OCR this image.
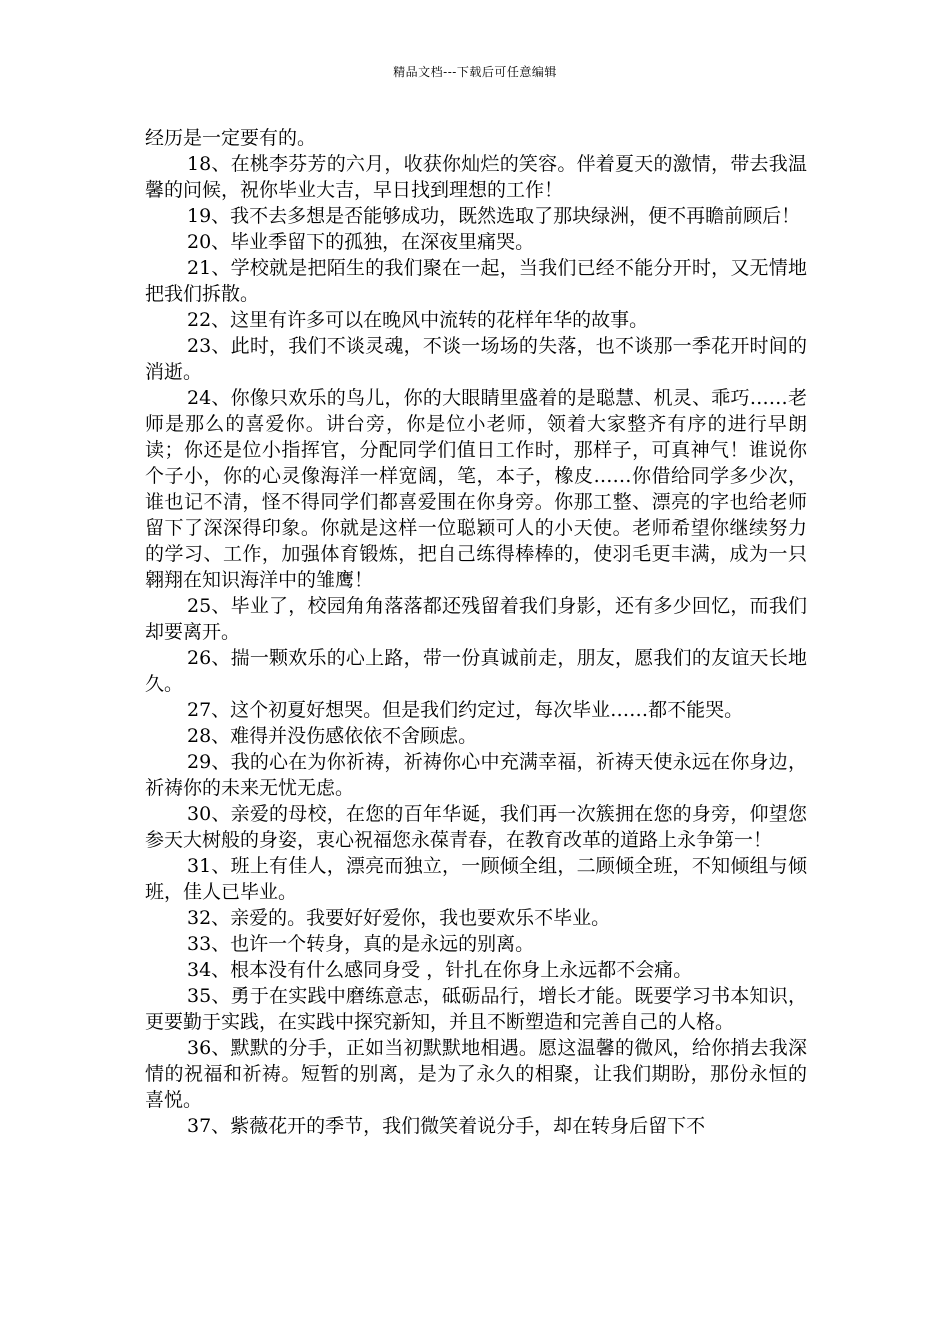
精品文档---下载后可任意编辑

经历是一定要有的。

18、在桃李芬芳的六月，收获你灿烂的笑容。伴着夏天的激情，带去我温馨的问候，祝你毕业大吉，早日找到理想的工作！

19、我不去多想是否能够成功，既然选取了那块绿洲，便不再瞻前顾后！

20、毕业季留下的孤独，在深夜里痛哭。

21、学校就是把陌生的我们聚在一起，当我们已经不能分开时，又无情地把我们拆散。

22、这里有许多可以在晚风中流转的花样年华的故事。

23、此时，我们不谈灵魂，不谈一场场的失落，也不谈那一季花开时间的消逝。

24、你像只欢乐的鸟儿，你的大眼睛里盛着的是聪慧、机灵、乖巧……老师是那么的喜爱你。讲台旁，你是位小老师，领着大家整齐有序的进行早朗读；你还是位小指挥官，分配同学们值日工作时，那样子，可真神气！谁说你个子小，你的心灵像海洋一样宽阔，笔，本子，橡皮……你借给同学多少次，谁也记不清，怪不得同学们都喜爱围在你身旁。你那工整、漂亮的字也给老师留下了深深得印象。你就是这样一位聪颖可人的小天使。老师希望你继续努力的学习、工作，加强体育锻炼，把自己练得棒棒的，使羽毛更丰满，成为一只翱翔在知识海洋中的雏鹰！

25、毕业了，校园角角落落都还残留着我们身影，还有多少回忆，而我们却要离开。

26、揣一颗欢乐的心上路，带一份真诚前走，朋友，愿我们的友谊天长地久。

27、这个初夏好想哭。但是我们约定过，每次毕业……都不能哭。

28、难得并没伤感依依不舍顾虑。

29、我的心在为你祈祷，祈祷你心中充满幸福，祈祷天使永远在你身边，祈祷你的未来无忧无虑。

30、亲爱的母校，在您的百年华诞，我们再一次簇拥在您的身旁，仰望您参天大树般的身姿，衷心祝福您永葆青春，在教育改革的道路上永争第一！

31、班上有佳人，漂亮而独立，一顾倾全组，二顾倾全班，不知倾组与倾班，佳人已毕业。

32、亲爱的。我要好好爱你，我也要欢乐不毕业。

33、也许一个转身，真的是永远的别离。

34、根本没有什么感同身受 ，针扎在你身上永远都不会痛。

35、勇于在实践中磨练意志，砥砺品行，增长才能。既要学习书本知识，更要勤于实践，在实践中探究新知，并且不断塑造和完善自己的人格。

36、默默的分手，正如当初默默地相遇。愿这温馨的微风，给你捎去我深情的祝福和祈祷。短暂的别离，是为了永久的相聚，让我们期盼，那份永恒的喜悦。

37、紫薇花开的季节，我们微笑着说分手，却在转身后留下不
